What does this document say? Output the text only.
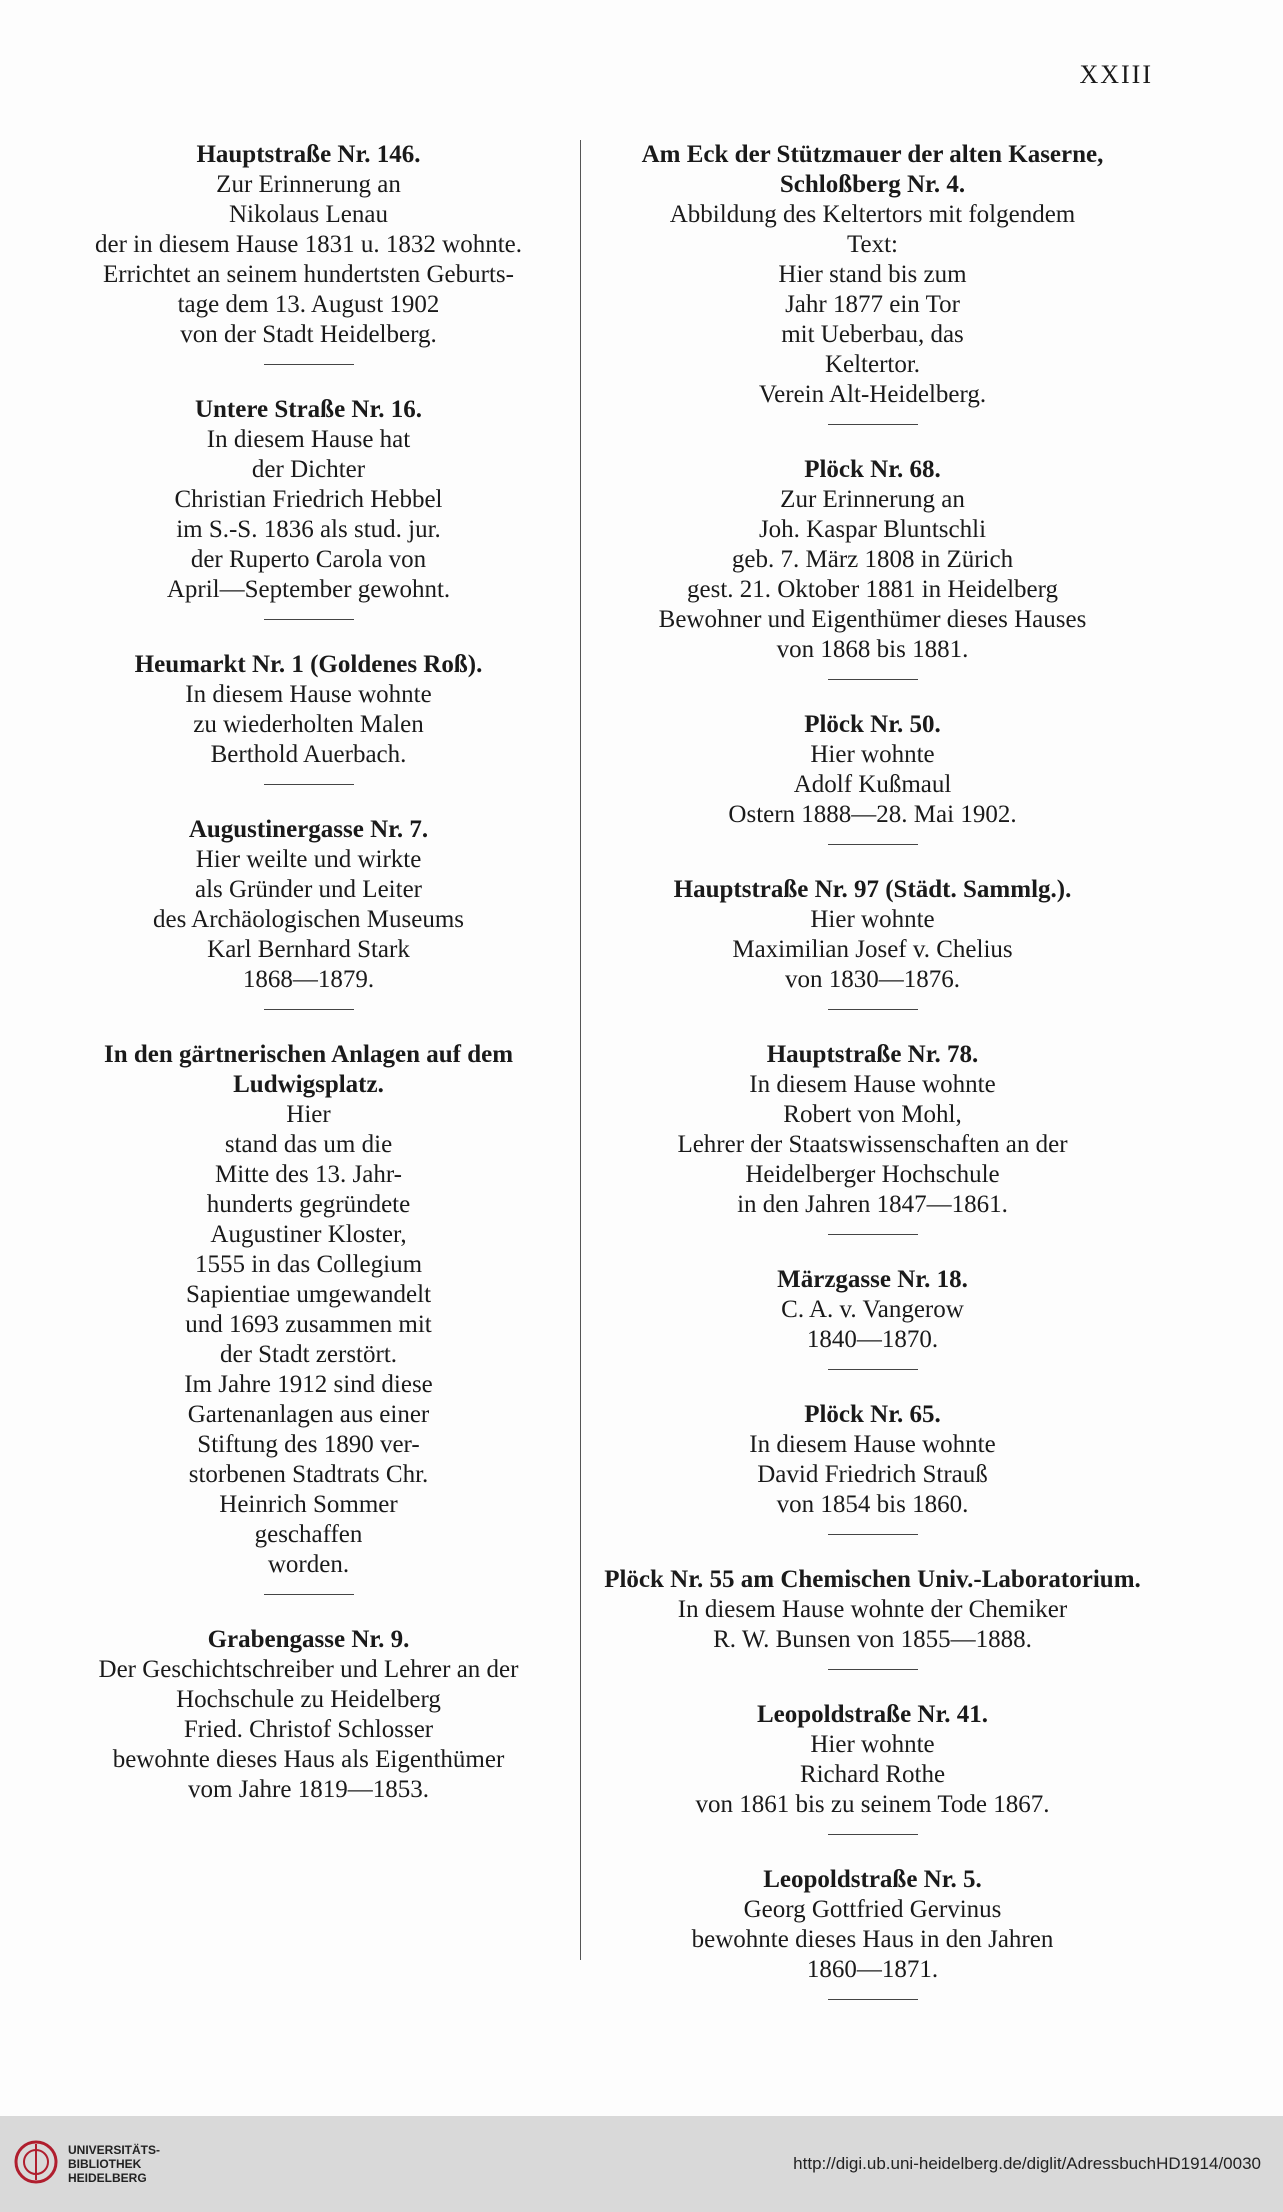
XXIII

Hauptstraße Nr. 146.

Zur Erinnerung an

Nikolaus Lenau

der in diesem Hause 1831 u. 1832 wohnte.

Errichtet an seinem hundertsten Geburts-

tage dem 13. August 1902

von der Stadt Heidelberg.

Untere Straße Nr. 16.

In diesem Hause hat

der Dichter

Christian Friedrich Hebbel

im S.-S. 1836 als stud. jur.

der Ruperto Carola von

April—September gewohnt.

Heumarkt Nr. 1 (Goldenes Roß).

In diesem Hause wohnte

zu wiederholten Malen

Berthold Auerbach.

Augustinergasse Nr. 7.

Hier weilte und wirkte

als Gründer und Leiter

des Archäologischen Museums

Karl Bernhard Stark

1868—1879.

In den gärtnerischen Anlagen auf dem Ludwigsplatz.

Hier

stand das um die

Mitte des 13. Jahr-

hunderts gegründete

Augustiner Kloster,

1555 in das Collegium

Sapientiae umgewandelt

und 1693 zusammen mit

der Stadt zerstört.

Im Jahre 1912 sind diese

Gartenanlagen aus einer

Stiftung des 1890 ver-

storbenen Stadtrats Chr.

Heinrich Sommer

geschaffen

worden.

Grabengasse Nr. 9.

Der Geschichtschreiber und Lehrer an der

Hochschule zu Heidelberg

Fried. Christof Schlosser

bewohnte dieses Haus als Eigenthümer

vom Jahre 1819—1853.

Am Eck der Stützmauer der alten Kaserne, Schloßberg Nr. 4.

Abbildung des Keltertors mit folgendem

Text:

Hier stand bis zum

Jahr 1877 ein Tor

mit Ueberbau, das

Keltertor.

Verein Alt-Heidelberg.

Plöck Nr. 68.

Zur Erinnerung an

Joh. Kaspar Bluntschli

geb. 7. März 1808 in Zürich

gest. 21. Oktober 1881 in Heidelberg

Bewohner und Eigenthümer dieses Hauses

von 1868 bis 1881.

Plöck Nr. 50.

Hier wohnte

Adolf Kußmaul

Ostern 1888—28. Mai 1902.

Hauptstraße Nr. 97 (Städt. Sammlg.).

Hier wohnte

Maximilian Josef v. Chelius

von 1830—1876.

Hauptstraße Nr. 78.

In diesem Hause wohnte

Robert von Mohl,

Lehrer der Staatswissenschaften an der

Heidelberger Hochschule

in den Jahren 1847—1861.

Märzgasse Nr. 18.

C. A. v. Vangerow

1840—1870.

Plöck Nr. 65.

In diesem Hause wohnte

David Friedrich Strauß

von 1854 bis 1860.

Plöck Nr. 55 am Chemischen Univ.-Laboratorium.

In diesem Hause wohnte der Chemiker

R. W. Bunsen von 1855—1888.

Leopoldstraße Nr. 41.

Hier wohnte

Richard Rothe

von 1861 bis zu seinem Tode 1867.

Leopoldstraße Nr. 5.

Georg Gottfried Gervinus

bewohnte dieses Haus in den Jahren

1860—1871.

UNIVERSITÄTS-
BIBLIOTHEK
HEIDELBERG
http://digi.ub.uni-heidelberg.de/diglit/AdressbuchHD1914/0030
